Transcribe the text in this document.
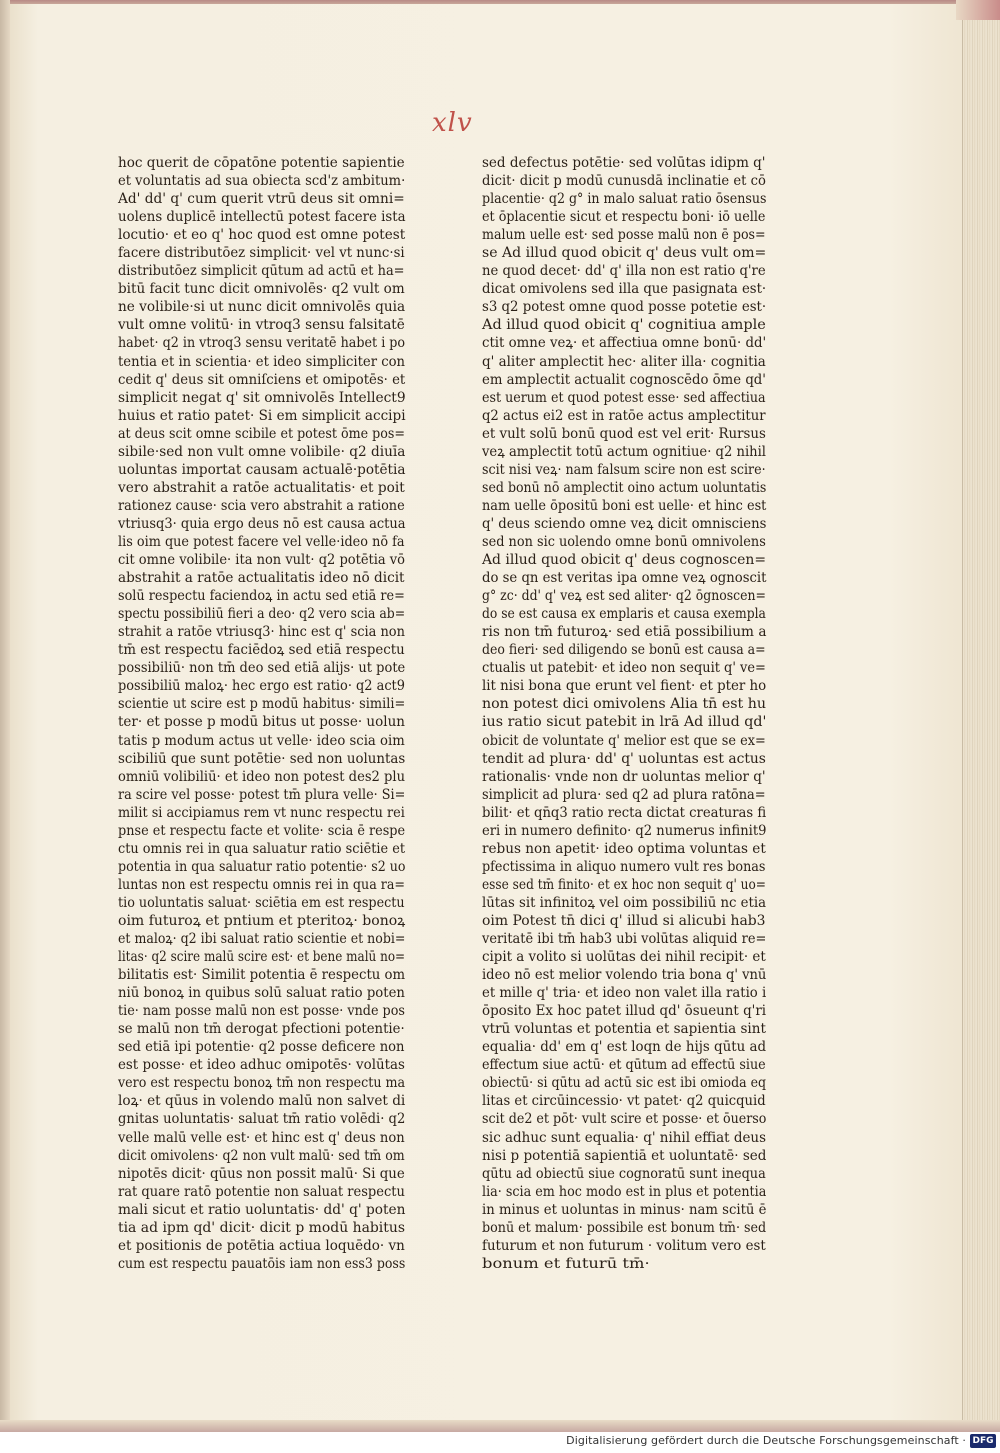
xlv
hoc querit de cōpatōne potentie sapientie
et voluntatis ad sua obiecta scd'z ambitum·
Ad' dd' q' cum querit vtrū deus sit omni=
uolens duplicē intellectū potest facere ista
locutio· et eo q' hoc quod est omne potest
facere distributōez simplicit· vel vt nunc·si
distributōez simplicit qūtum ad actū et ha=
bitū facit tunc dicit omnivolēs· q2 vult om
ne volibile·si ut nunc dicit omnivolēs quia
vult omne volitū· in vtroq3 sensu falsitatē
habet· q2 in vtroq3 sensu veritatē habet i po
tentia et in scientia· et ideo simpliciter con
cedit q' deus sit omniſciens et omipotēs· et
simplicit negat q' sit omnivolēs Intellect9
huius et ratio patet· Si em simplicit accipi
at deus scit omne scibile et potest ōme pos=
sibile·sed non vult omne volibile· q2 diuīa
uoluntas importat causam actualē·potētia
vero abstrahit a ratōe actualitatis· et poit
rationez cause· scia vero abstrahit a ratione
vtriusq3· quia ergo deus nō est causa actua
lis oim que potest facere vel velle·ideo nō fa
cit omne volibile· ita non vult· q2 potētia vō
abstrahit a ratōe actualitatis ideo nō dicit
solū respectu faciendoꝝ in actu sed etiā re=
spectu possibiliū fieri a deo· q2 vero scia ab=
strahit a ratōe vtriusq3· hinc est q' scia non
tm̄ est respectu faciēdoꝝ sed etiā respectu
possibiliū· non tm̄ deo sed etiā alijs· ut pote
possibiliū maloꝝ· hec ergo est ratio· q2 act9
scientie ut scire est p modū habitus· simili=
ter· et posse p modū bitus ut posse· uolun
tatis p modum actus ut velle· ideo scia oim
scibiliū que sunt potētie· sed non uoluntas
omniū volibiliū· et ideo non potest des2 plu
ra scire vel posse· potest tm̄ plura velle· Si=
milit si accipiamus rem vt nunc respectu rei
pnse et respectu facte et volite· scia ē respe
ctu omnis rei in qua saluatur ratio sciētie et
potentia in qua saluatur ratio potentie· s2 uo
luntas non est respectu omnis rei in qua ra=
tio uoluntatis saluat· sciētia em est respectu
oim futuroꝝ et pntium et pteritoꝝ· bonoꝝ
et maloꝝ· q2 ibi saluat ratio scientie et nobi=
litas· q2 scire malū scire est· et bene malū no=
bilitatis est· Similit potentia ē respectu om
niū bonoꝝ in quibus solū saluat ratio poten
tie· nam posse malū non est posse· vnde pos
se malū non tm̄ derogat pfectioni potentie·
sed etiā ipi potentie· q2 posse deficere non
est posse· et ideo adhuc omipotēs· volūtas
vero est respectu bonoꝝ tm̄ non respectu ma
loꝝ· et qūus in volendo malū non salvet di
gnitas uoluntatis· saluat tm̄ ratio volēdi· q2
velle malū velle est· et hinc est q' deus non
dicit omivolens· q2 non vult malū· sed tm̄ om
nipotēs dicit· qūus non possit malū· Si que
rat quare ratō potentie non saluat respectu
mali sicut et ratio uoluntatis· dd' q' poten
tia ad ipm qd' dicit· dicit p modū habitus
et positionis de potētia actiua loquēdo· vn
cum est respectu pauatōis iam non ess3 poss
sed defectus potētie· sed volūtas idipm q'
dicit· dicit p modū cunusdā inclinatie et cō
placentie· q2 g° in malo saluat ratio ōsensus
et ōplacentie sicut et respectu boni· iō uelle
malum uelle est· sed posse malū non ē pos=
se Ad illud quod obicit q' deus vult om=
ne quod decet· dd' q' illa non est ratio q're
dicat omivolens sed illa que pasignata est·
s3 q2 potest omne quod posse potetie est·
Ad illud quod obicit q' cognitiua ample
ctit omne veꝝ· et affectiua omne bonū· dd'
q' aliter amplectit hec· aliter illa· cognitia
em amplectit actualit cognoscēdo ōme qd'
est uerum et quod potest esse· sed affectiua
q2 actus ei2 est in ratōe actus amplectitur
et vult solū bonū quod est vel erit· Rursus
veꝝ amplectit totū actum ognitiue· q2 nihil
scit nisi veꝝ· nam falsum scire non est scire·
sed bonū nō amplectit oino actum uoluntatis
nam uelle ōpositū boni est uelle· et hinc est
q' deus sciendo omne veꝝ dicit omnisciens
sed non sic uolendo omne bonū omnivolens
Ad illud quod obicit q' deus cognoscen=
do se qn est veritas ipa omne veꝝ ognoscit
g° zc· dd' q' veꝝ est sed aliter· q2 ōgnoscen=
do se est causa ex emplaris et causa exempla
ris non tm̄ futuroꝝ· sed etiā possibilium a
deo fieri· sed diligendo se bonū est causa a=
ctualis ut patebit· et ideo non sequit q' ve=
lit nisi bona que erunt vel fient· et pter ho
non potest dici omivolens Alia tn̄ est hu
ius ratio sicut patebit in lrā Ad illud qd'
obicit de voluntate q' melior est que se ex=
tendit ad plura· dd' q' uoluntas est actus
rationalis· vnde non dr uoluntas melior q'
simplicit ad plura· sed q2 ad plura ratōna=
bilit· et qn̄q3 ratio recta dictat creaturas fi
eri in numero definito· q2 numerus infinit9
rebus non apetit· ideo optima voluntas et
pfectissima in aliquo numero vult res bonas
esse sed tm̄ finito· et ex hoc non sequit q' uo=
lūtas sit infinitoꝝ vel oim possibiliū nc etia
oim Potest tn̄ dici q' illud si alicubi hab3
veritatē ibi tm̄ hab3 ubi volūtas aliquid re=
cipit a volito si uolūtas dei nihil recipit· et
ideo nō est melior volendo tria bona q' vnū
et mille q' tria· et ideo non valet illa ratio i
ōposito Ex hoc patet illud qd' ōsueunt q'ri
vtrū voluntas et potentia et sapientia sint
equalia· dd' em q' est loqn de hijs qūtu ad
effectum siue actū· et qūtum ad effectū siue
obiectū· si qūtu ad actū sic est ibi omioda eq
litas et circūincessio· vt patet· q2 quicquid
scit de2 et pōt· vult scire et posse· et ōuerso
sic adhuc sunt equalia· q' nihil effiat deus
nisi p potentiā sapientiā et uoluntatē· sed
qūtu ad obiectū siue cognoratū sunt inequa
lia· scia em hoc modo est in plus et potentia
in minus et uoluntas in minus· nam scitū ē
bonū et malum· possibile est bonum tm̄· sed
futurum et non futurum · volitum vero est
bonum et futurū tm̄·
Digitalisierung gefördert durch die Deutsche Forschungsgemeinschaft · DFG
